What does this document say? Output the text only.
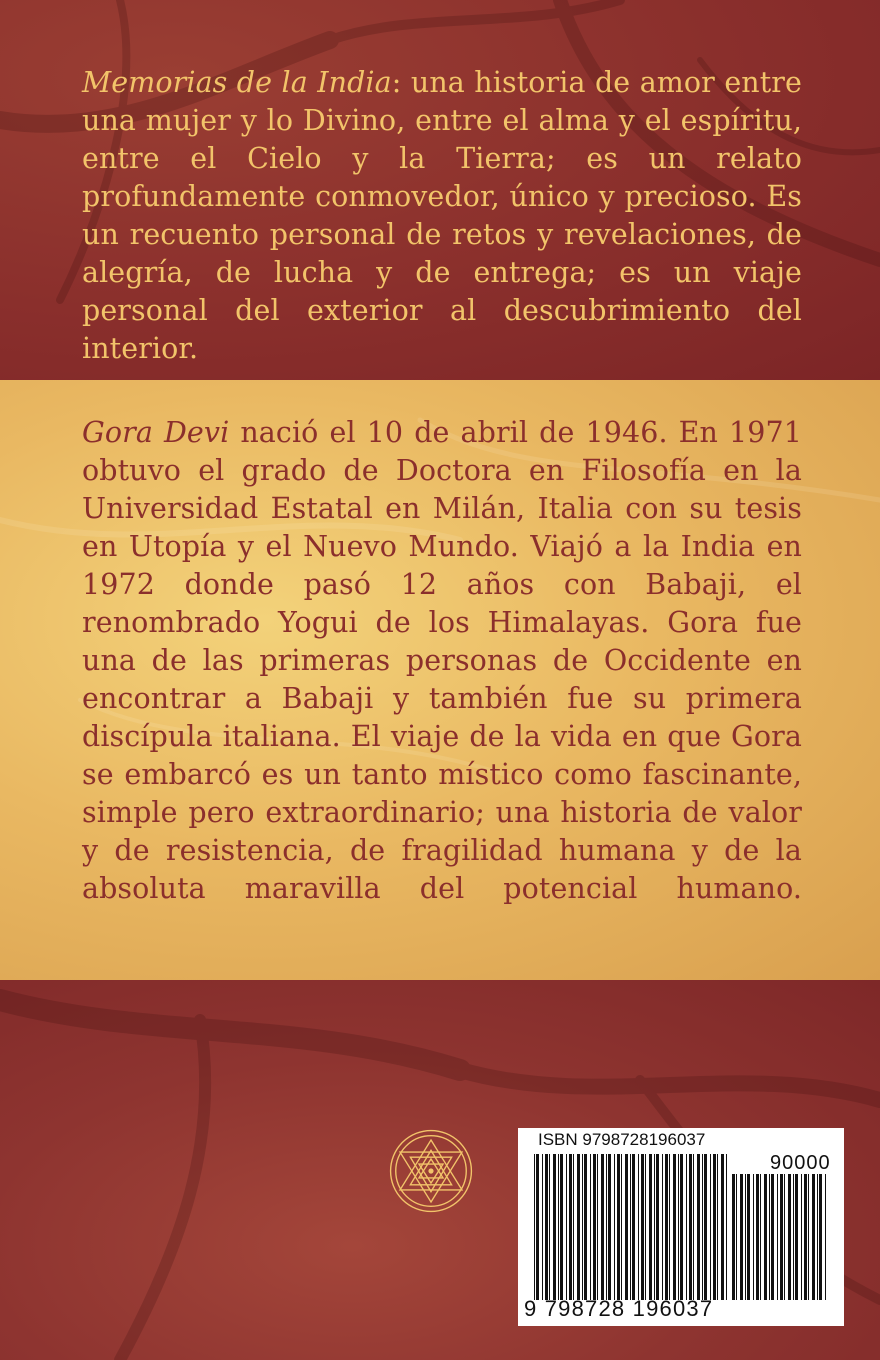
Memorias de la India: una historia de amor entre una mujer y lo Divino, entre el alma y el espíritu, entre el Cielo y la Tierra; es un relato profundamente conmovedor, único y precioso. Es un recuento personal de retos y revelaciones, de alegría, de lucha y de entrega; es un viaje personal del exterior al descubrimiento del interior.

Gora Devi nació el 10 de abril de 1946. En 1971 obtuvo el grado de Doctora en Filosofía en la Universidad Estatal en Milán, Italia con su tesis en Utopía y el Nuevo Mundo. Viajó a la India en 1972 donde pasó 12 años con Babaji, el renombrado Yogui de los Himalayas. Gora fue una de las primeras personas de Occidente en encontrar a Babaji y también fue su primera discípula italiana. El viaje de la vida en que Gora se embarcó es un tanto místico como fascinante, simple pero extraordinario; una historia de valor y de resistencia, de fragilidad humana y de la absoluta maravilla del potencial humano.

ISBN 9798728196037
90000
9 798728 196037
